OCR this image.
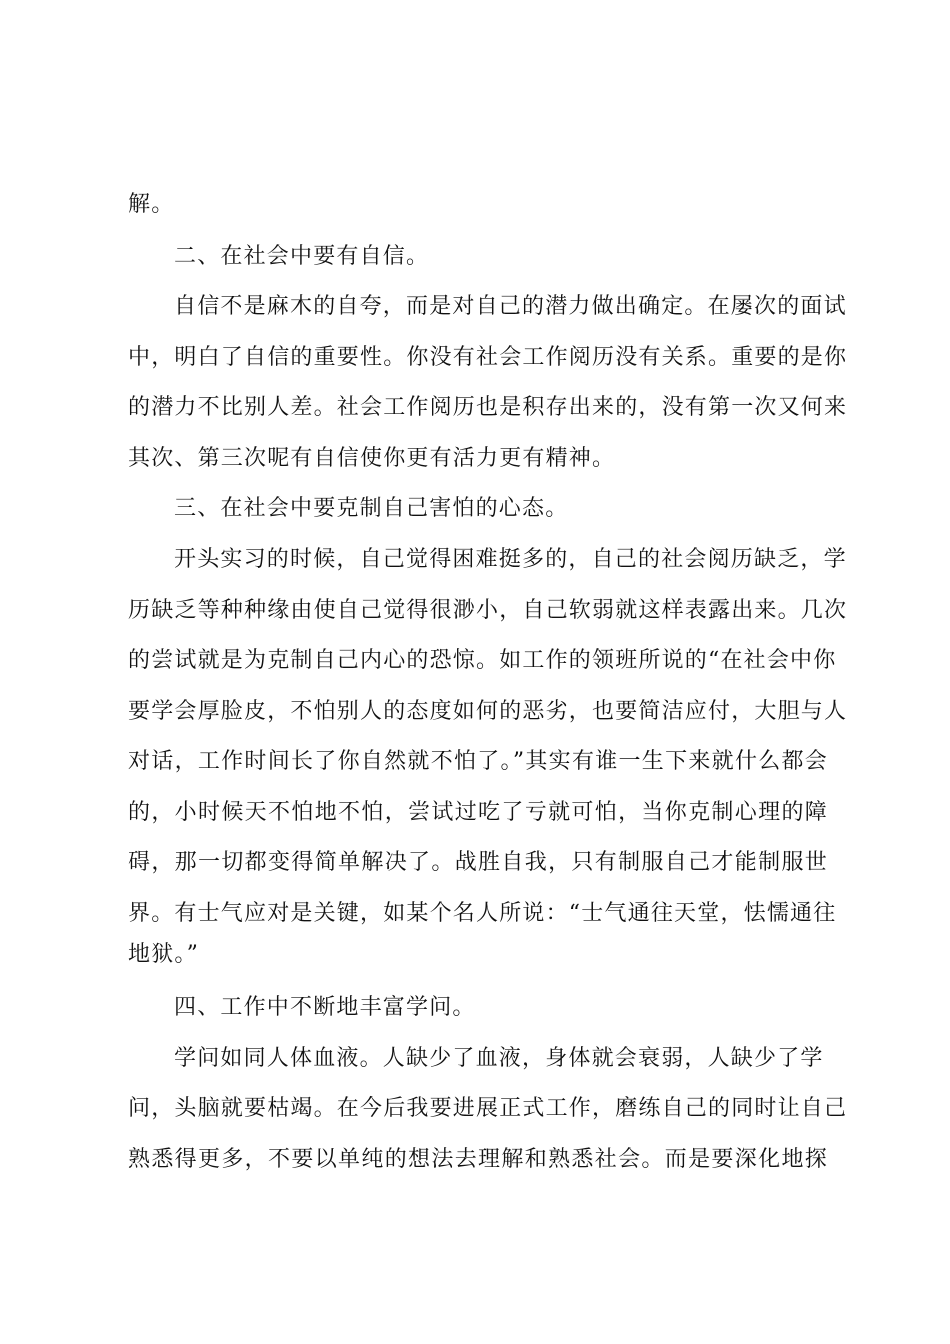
解。
二、在社会中要有自信。
自信不是麻木的自夸，而是对自己的潜力做出确定。在屡次的面试
中，明白了自信的重要性。你没有社会工作阅历没有关系。重要的是你
的潜力不比别人差。社会工作阅历也是积存出来的，没有第一次又何来
其次、第三次呢有自信使你更有活力更有精神。
三、在社会中要克制自己害怕的心态。
开头实习的时候，自己觉得困难挺多的，自己的社会阅历缺乏，学
历缺乏等种种缘由使自己觉得很渺小，自己软弱就这样表露出来。几次
的尝试就是为克制自己内心的恐惊。如工作的领班所说的“在社会中你
要学会厚脸皮，不怕别人的态度如何的恶劣，也要简洁应付，大胆与人
对话，工作时间长了你自然就不怕了。”其实有谁一生下来就什么都会
的，小时候天不怕地不怕，尝试过吃了亏就可怕，当你克制心理的障
碍，那一切都变得简单解决了。战胜自我，只有制服自己才能制服世
界。有士气应对是关键，如某个名人所说：“士气通往天堂，怯懦通往
地狱。”
四、工作中不断地丰富学问。
学问如同人体血液。人缺少了血液，身体就会衰弱，人缺少了学
问，头脑就要枯竭。在今后我要进展正式工作，磨练自己的同时让自己
熟悉得更多，不要以单纯的想法去理解和熟悉社会。而是要深化地探
